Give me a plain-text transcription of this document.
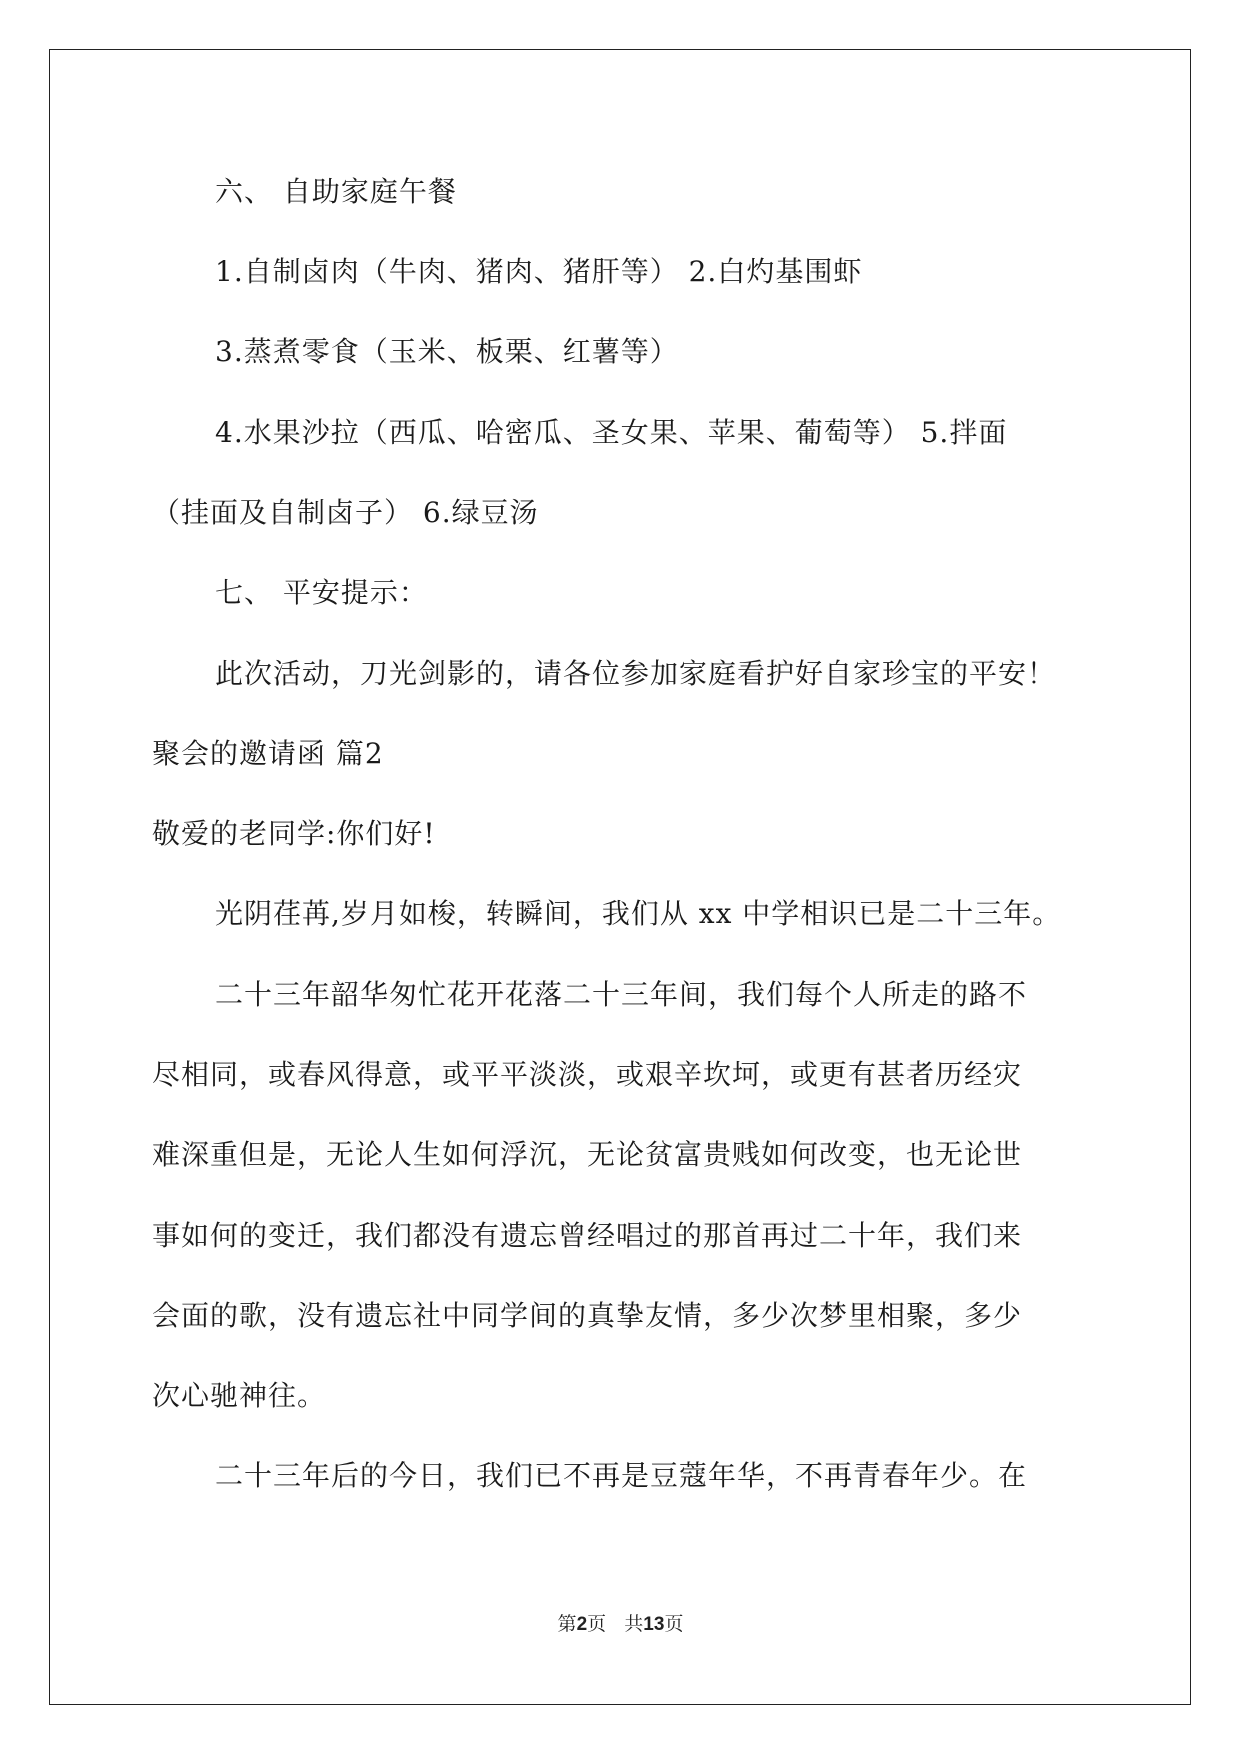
六、 自助家庭午餐
1.自制卤肉（牛肉、猪肉、猪肝等） 2.白灼基围虾
3.蒸煮零食（玉米、板栗、红薯等）
4.水果沙拉（西瓜、哈密瓜、圣女果、苹果、葡萄等） 5.拌面
（挂面及自制卤子） 6.绿豆汤
七、 平安提示：
此次活动，刀光剑影的，请各位参加家庭看护好自家珍宝的平安！
聚会的邀请函 篇2
敬爱的老同学:你们好!
光阴荏苒,岁月如梭，转瞬间，我们从 xx 中学相识已是二十三年。
二十三年韶华匆忙花开花落二十三年间，我们每个人所走的路不
尽相同，或春风得意，或平平淡淡，或艰辛坎坷，或更有甚者历经灾
难深重但是，无论人生如何浮沉，无论贫富贵贱如何改变，也无论世
事如何的变迁，我们都没有遗忘曾经唱过的那首再过二十年，我们来
会面的歌，没有遗忘社中同学间的真挚友情，多少次梦里相聚，多少
次心驰神往。
二十三年后的今日，我们已不再是豆蔻年华，不再青春年少。在
第2页 共13页
